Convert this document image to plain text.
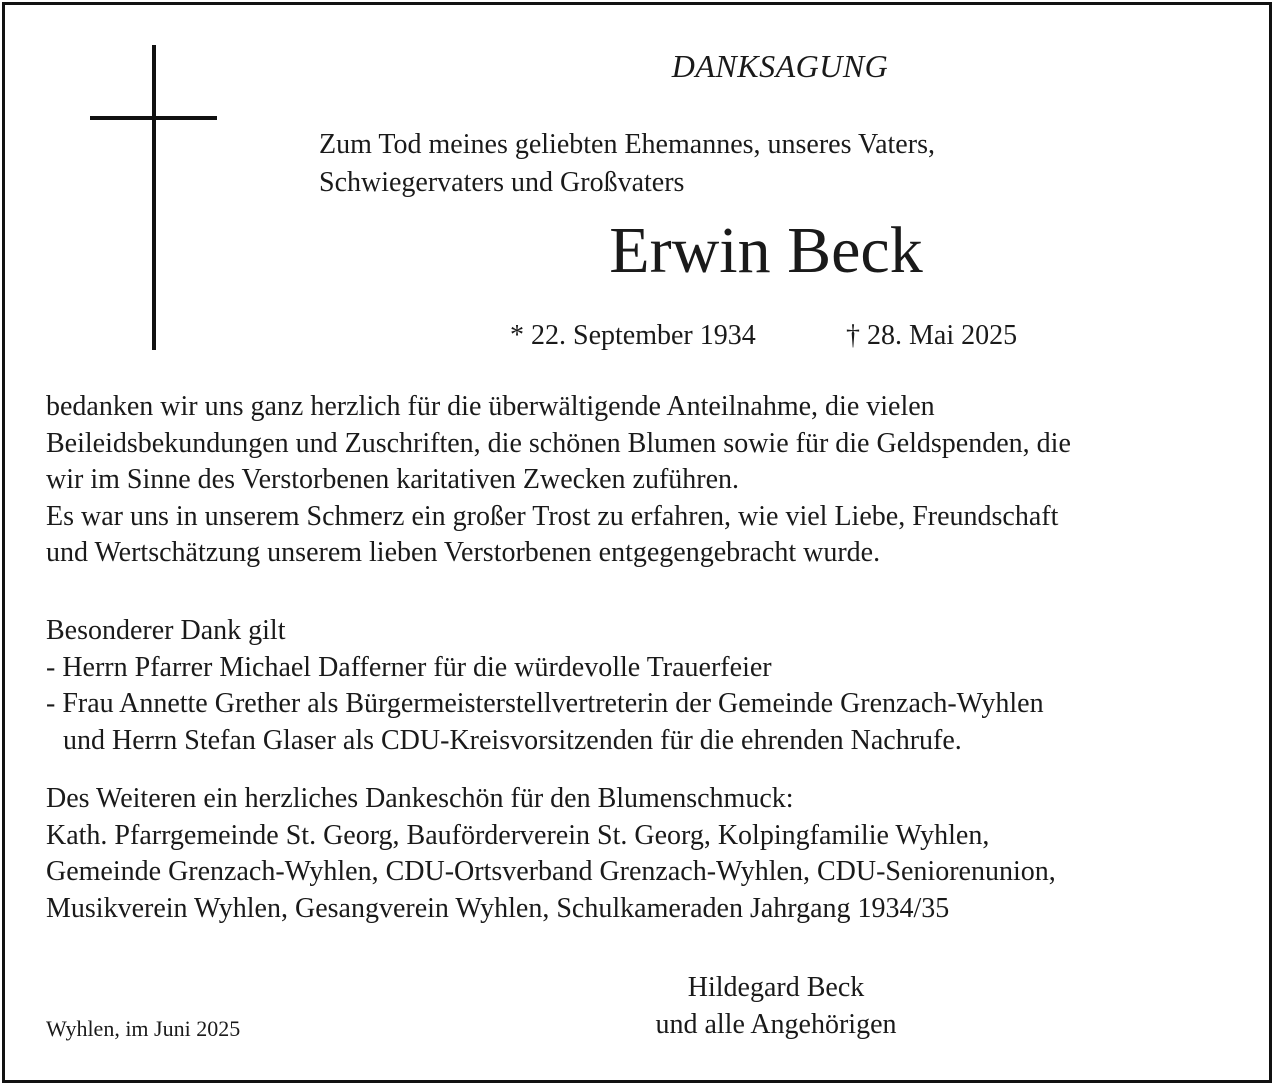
DANKSAGUNG
Zum Tod meines geliebten Ehemannes, unseres Vaters,
Schwiegervaters und Großvaters
Erwin Beck
* 22. September 1934	† 28. Mai 2025
bedanken wir uns ganz herzlich für die überwältigende Anteilnahme, die vielen
Beileidsbekundungen und Zuschriften, die schönen Blumen sowie für die Geldspenden, die
wir im Sinne des Verstorbenen karitativen Zwecken zuführen.
Es war uns in unserem Schmerz ein großer Trost zu erfahren, wie viel Liebe, Freundschaft
und Wertschätzung unserem lieben Verstorbenen entgegengebracht wurde.
Besonderer Dank gilt
- Herrn Pfarrer Michael Dafferner für die würdevolle Trauerfeier
- Frau Annette Grether als Bürgermeisterstellvertreterin der Gemeinde Grenzach-Wyhlen
und Herrn Stefan Glaser als CDU-Kreisvorsitzenden für die ehrenden Nachrufe.
Des Weiteren ein herzliches Dankeschön für den Blumenschmuck:
Kath. Pfarrgemeinde St. Georg, Bauförderverein St. Georg, Kolpingfamilie Wyhlen,
Gemeinde Grenzach-Wyhlen, CDU-Ortsverband Grenzach-Wyhlen, CDU-Seniorenunion,
Musikverein Wyhlen, Gesangverein Wyhlen, Schulkameraden Jahrgang 1934/35
Wyhlen, im Juni 2025
Hildegard Beck
und alle Angehörigen
